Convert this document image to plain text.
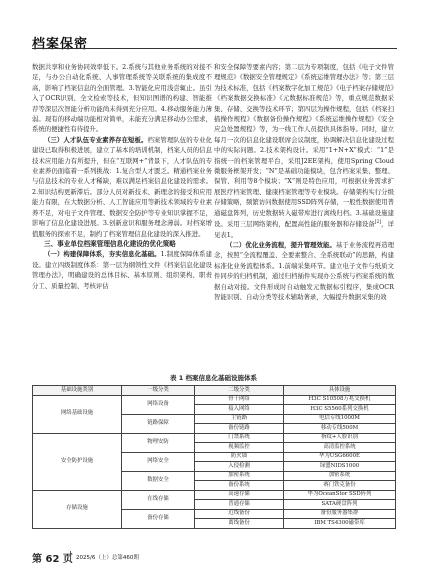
档案保密

数据共享和业务协同效率低下。2.系统与其他业务系统的对接不足，与办公自动化系统、人事管理系统等关联系统的集成度不高，影响了档案信息的全面管理。3.智能化应用浅尝辄止。虽引入了OCR识别、全文检索等技术，但知识图谱的构建、智能推荐等深层次智能分析功能尚未得到充分应用。4.移动服务能力薄弱。现有的移动端功能相对简单，未能充分满足移动办公需求，系统的便捷性有待提升。

（三）人才队伍专业素养存在短板。档案管理队伍的专业化建设已取得积极进展，建立了基本的培训机制，档案人员的信息技术应用能力有所提升，但在“互联网+”背景下，人才队伍的专业素养仍面临着一系列挑战：1.复合型人才匮乏。精通档案业务与信息技术的专业人才稀缺，难以满足档案信息化建设的需求。2.知识结构更新滞后。部分人员对新技术、新理念的接受和应用能力有限，在大数据分析、人工智能应用等新技术领域的专业素养不足，对电子文件管理、数据安全防护等专业知识掌握不足，影响了信息化建设进展。3.创新意识和服务理念薄弱。对档案增值服务的探索不足，制约了档案管理信息化建设的深入推进。

三、事业单位档案管理信息化建设的优化策略

（一）构建保障体系，夯实信息化基础。1.制度保障体系建设。建立四级制度体系：第一层为纲领性文件《档案信息化建设管理办法》，明确建设的总体目标、基本原则、组织架构、职责分工、质量控制、考核评估

和安全保障等要素内容；第二层为专项制度，包括《电子文件管理规范》《数据安全管理规定》《系统运维管理办法》等；第三层为技术标准，包括《档案数字化加工规范》《电子档案存储规范》《档案数据交换标准》《元数据标准规范》等，重点规范数据采集、存储、交换等技术环节；第四层为操作规程，包括《档案扫描操作规程》《数据备份操作规程》《系统运维操作规程》《安全应急处置规程》等，为一线工作人员提供具体指导。同时，建立每月一次的信息化建设联席会议制度，协调解决信息化建设过程中的实际问题。2.技术架构设计。采用“1+N+X”模式：“1”是指统一的档案管理平台，采用J2EE架构，使用Spring Cloud微服务框架开发；“N”是基础功能模块，包含档案采集、整理、保管、利用等8个模块；“X”则是特色应用，可根据业务需求扩展医疗档案管理、健康档案管理等专业模块。存储架构实行分级存储策略，频繁访问数据使用SSD阵列存储，一般性数据使用普通磁盘阵列，历史数据转入磁带库进行离线归档。3.基础设施建设。采用三层网络架构，配置高性能的服务器和存储设备[2]，详见表1。

（二）优化业务流程，提升管理效能。基于业务流程再造理念，按照“全流程覆盖、全要素整合、全系统联动”的思路，构建标准化业务流程体系。1.前端采集环节。建立电子文件与纸质文件同步的归档机制，通过归档插件实现办公系统与档案系统的数据自动对接。文件形成时自动触发元数据标引程序，集成OCR智能识别、自动分类等技术辅助著录，大幅提升数据采集的效

表 1 档案信息化基础设施体系
基础设施类别	一级分类	二级分类	具体设施
网络基础设施	网络设备	骨干网络	H3C S10508万兆交换机
		接入网络	H3C S5560系列交换机
	链路保障	主链路	电信专线1000M
		备份链路	移动专线500M
安全防护设施	物理安防	门禁系统	指纹+人脸识别
		视频监控	高清监控系统
	网络安全	防火墙	华为USG6600E
		入侵检测	绿盟NIDS1000
	数据安全	加密系统	加密系统
		备份系统	赛门铁克备份
存储设施	在线存储	高速存储	华为OceanStor SSD阵列
		普通存储	SATA硬盘阵列
	备份存储	近线备份	备份服务器集群
		离线备份	IBM TS4300磁带库
第 62 页 2025/6（上）总第460期
